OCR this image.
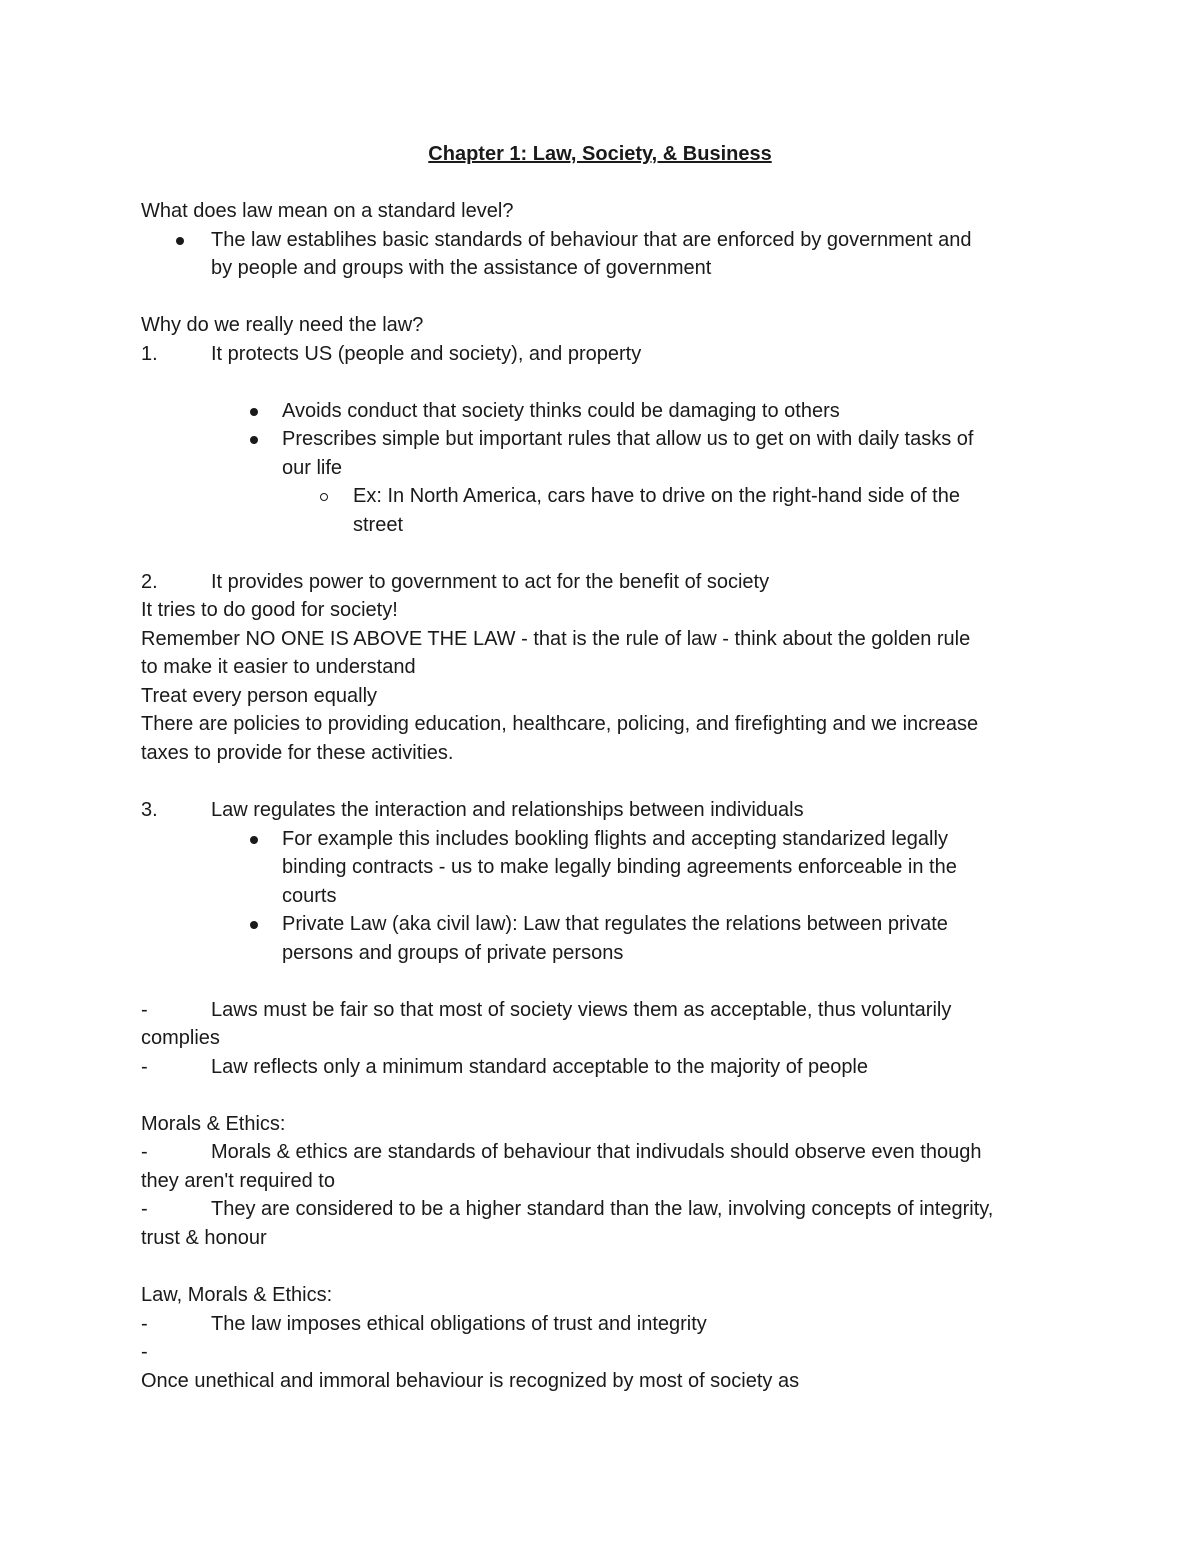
Chapter 1: Law, Society, & Business
What does law mean on a standard level?
The law establihes basic standards of behaviour that are enforced by government and
by people and groups with the assistance of government
Why do we really need the law?
1.	It protects US (people and society), and property
Avoids conduct that society thinks could be damaging to others
Prescribes simple but important rules that allow us to get on with daily tasks of
our life
Ex: In North America, cars have to drive on the right-hand side of the
street
2.	It provides power to government to act for the benefit of society
It tries to do good for society!
Remember NO ONE IS ABOVE THE LAW - that is the rule of law - think about the golden rule
to make it easier to understand
Treat every person equally
There are policies to providing education, healthcare, policing, and firefighting and we increase
taxes to provide for these activities.
3.	Law regulates the interaction and relationships between individuals
For example this includes bookling flights and accepting standarized legally
binding contracts - us to make legally binding agreements enforceable in the
courts
Private Law (aka civil law): Law that regulates the relations between private
persons and groups of private persons
-	Laws must be fair so that most of society views them as acceptable, thus voluntarily
complies
-	Law reflects only a minimum standard acceptable to the majority of people
Morals & Ethics:
-	Morals & ethics are standards of behaviour that indivudals should observe even though
they aren't required to
-	They are considered to be a higher standard than the law, involving concepts of integrity,
trust & honour
Law, Morals & Ethics:
-	The law imposes ethical obligations of trust and integrity
-
Once unethical and immoral behaviour is recognized by most of society as
